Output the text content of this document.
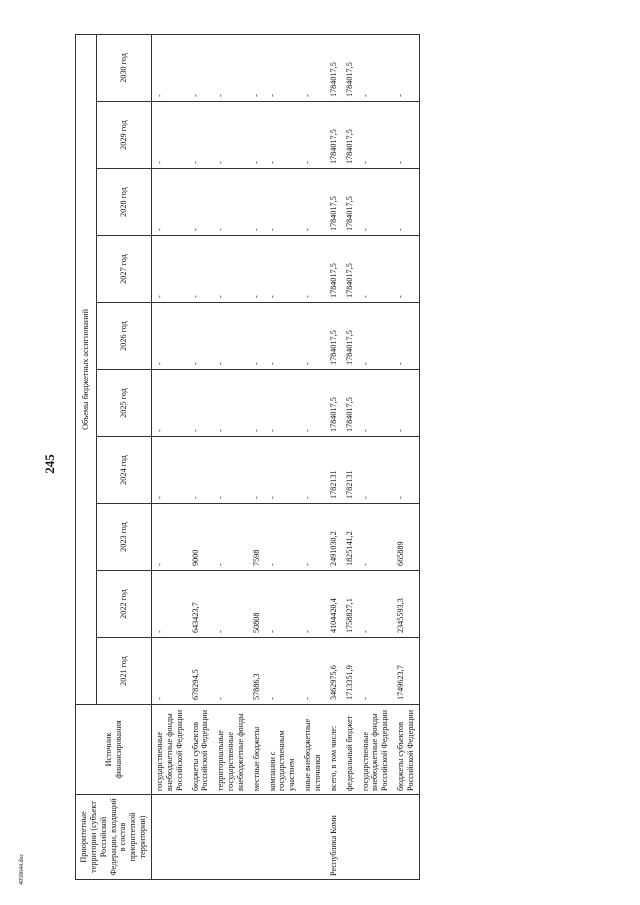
245
Приоритетные территории (субъект Российской Федерации, входящий в состав приоритетной территории)	Источник финансирования	Объемы бюджетных ассигнований									
		2021 год	2022 год	2023 год	2024 год	2025 год	2026 год	2027 год	2028 год	2029 год	2030 год
	государственные внебюджетные фонды Российской Федерации	-	-	-	-	-	-	-	-	-	-
	бюджеты субъектов Российской Федерации	678294,5	643423,7	9000	-	-	-	-	-	-	-
	территориальные государственные внебюджетные фонды	-	-	-	-	-	-	-	-	-	-
	местные бюджеты	57886,3	50808	7598	-	-	-	-	-	-	-
	компании с государственным участием	-	-	-	-	-	-	-	-	-	-
	иные внебюджетные источники	-	-	-	-	-	-	-	-	-	-
Республика Коми	всего, в том числе:	3462975,6	4104420,4	2491030,2	1782131	1784017,5	1784017,5	1784017,5	1784017,5	1784017,5	1784017,5
	федеральный бюджет	1713351,9	1758827,1	1825141,2	1782131	1784017,5	1784017,5	1784017,5	1784017,5	1784017,5	1784017,5
	государственные внебюджетные фонды Российской Федерации	-	-	-	-	-	-	-	-	-	-
	бюджеты субъектов Российской Федерации	1749623,7	2345593,3	665889	-	-	-	-	-	-	-
4958644.doc
